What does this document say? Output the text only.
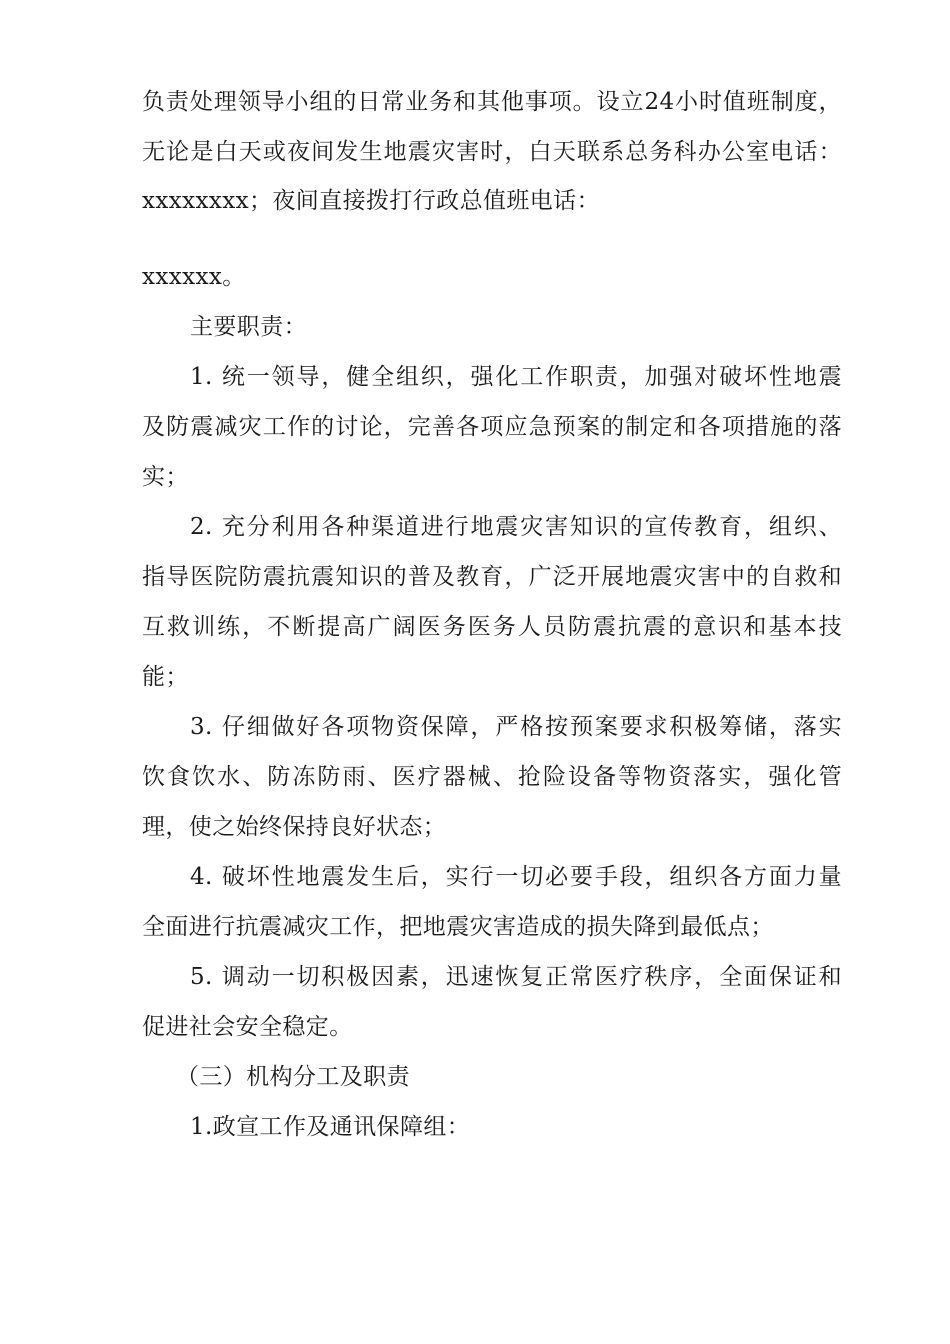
负责处理领导小组的日常业务和其他事项。设立24小时值班制度，
无论是白天或夜间发生地震灾害时，白天联系总务科办公室电话：
xxxxxxxx；夜间直接拨打行政总值班电话：
xxxxxx。
主要职责：
1. 统一领导，健全组织，强化工作职责，加强对破坏性地震
及防震减灾工作的讨论，完善各项应急预案的制定和各项措施的落
实；
2. 充分利用各种渠道进行地震灾害知识的宣传教育，组织、
指导医院防震抗震知识的普及教育，广泛开展地震灾害中的自救和
互救训练，不断提高广阔医务医务人员防震抗震的意识和基本技
能；
3. 仔细做好各项物资保障，严格按预案要求积极筹储，落实
饮食饮水、防冻防雨、医疗器械、抢险设备等物资落实，强化管
理，使之始终保持良好状态；
4. 破坏性地震发生后，实行一切必要手段，组织各方面力量
全面进行抗震减灾工作，把地震灾害造成的损失降到最低点；
5. 调动一切积极因素，迅速恢复正常医疗秩序，全面保证和
促进社会安全稳定。
（三）机构分工及职责
1.政宣工作及通讯保障组：
